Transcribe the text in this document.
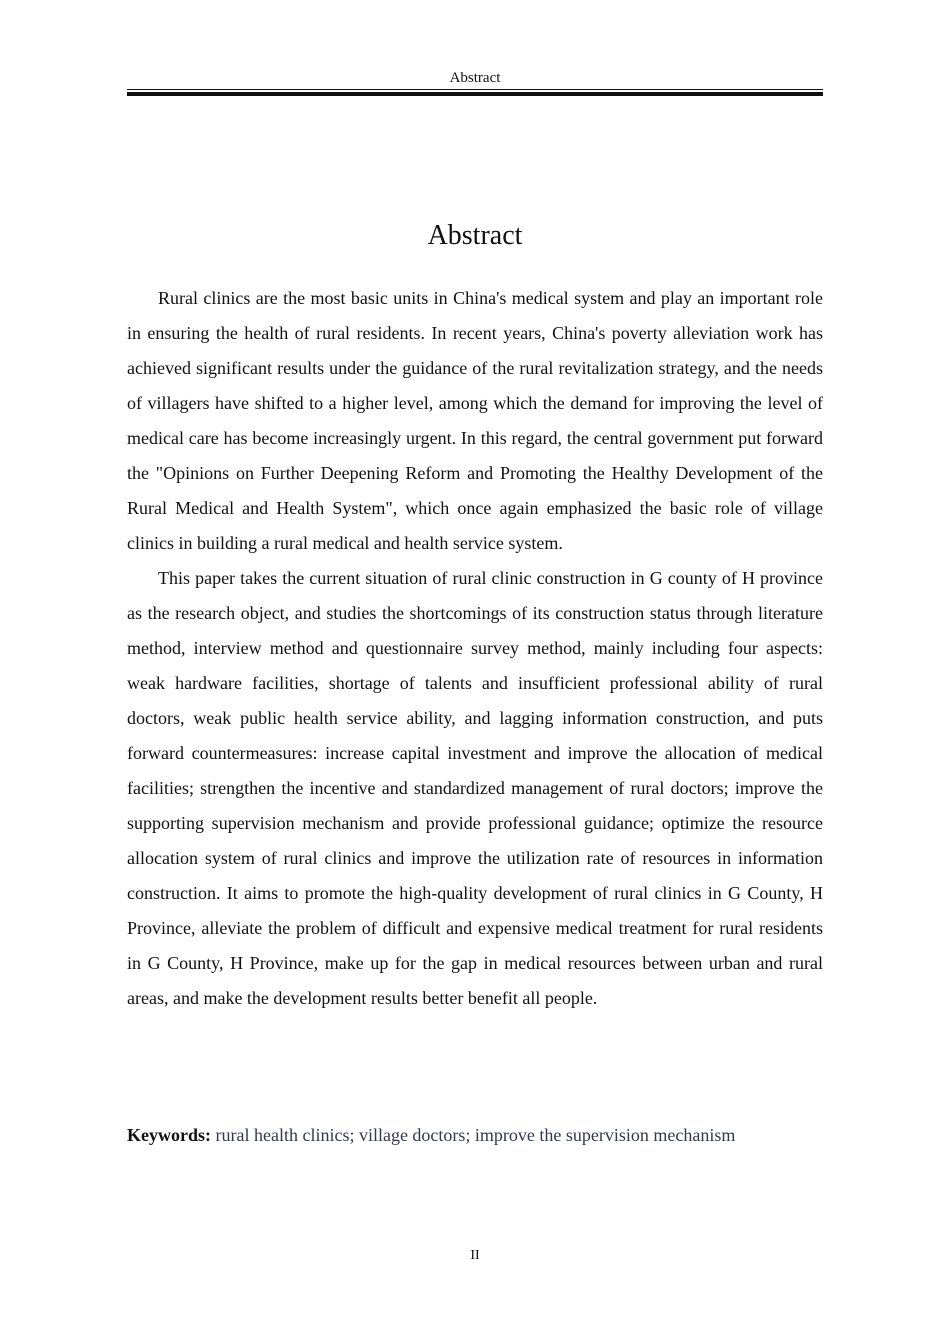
Abstract
Abstract

Rural clinics are the most basic units in China's medical system and play an important role in ensuring the health of rural residents. In recent years, China's poverty alleviation work has achieved significant results under the guidance of the rural revitalization strategy, and the needs of villagers have shifted to a higher level, among which the demand for improving the level of medical care has become increasingly urgent. In this regard, the central government put forward the "Opinions on Further Deepening Reform and Promoting the Healthy Development of the Rural Medical and Health System", which once again emphasized the basic role of village clinics in building a rural medical and health service system.

This paper takes the current situation of rural clinic construction in G county of H province as the research object, and studies the shortcomings of its construction status through literature method, interview method and questionnaire survey method, mainly including four aspects: weak hardware facilities, shortage of talents and insufficient professional ability of rural doctors, weak public health service ability, and lagging information construction, and puts forward countermeasures: increase capital investment and improve the allocation of medical facilities; strengthen the incentive and standardized management of rural doctors; improve the supporting supervision mechanism and provide professional guidance; optimize the resource allocation system of rural clinics and improve the utilization rate of resources in information construction. It aims to promote the high-quality development of rural clinics in G County, H Province, alleviate the problem of difficult and expensive medical treatment for rural residents in G County, H Province, make up for the gap in medical resources between urban and rural areas, and make the development results better benefit all people.

Keywords: rural health clinics; village doctors; improve the supervision mechanism
II
